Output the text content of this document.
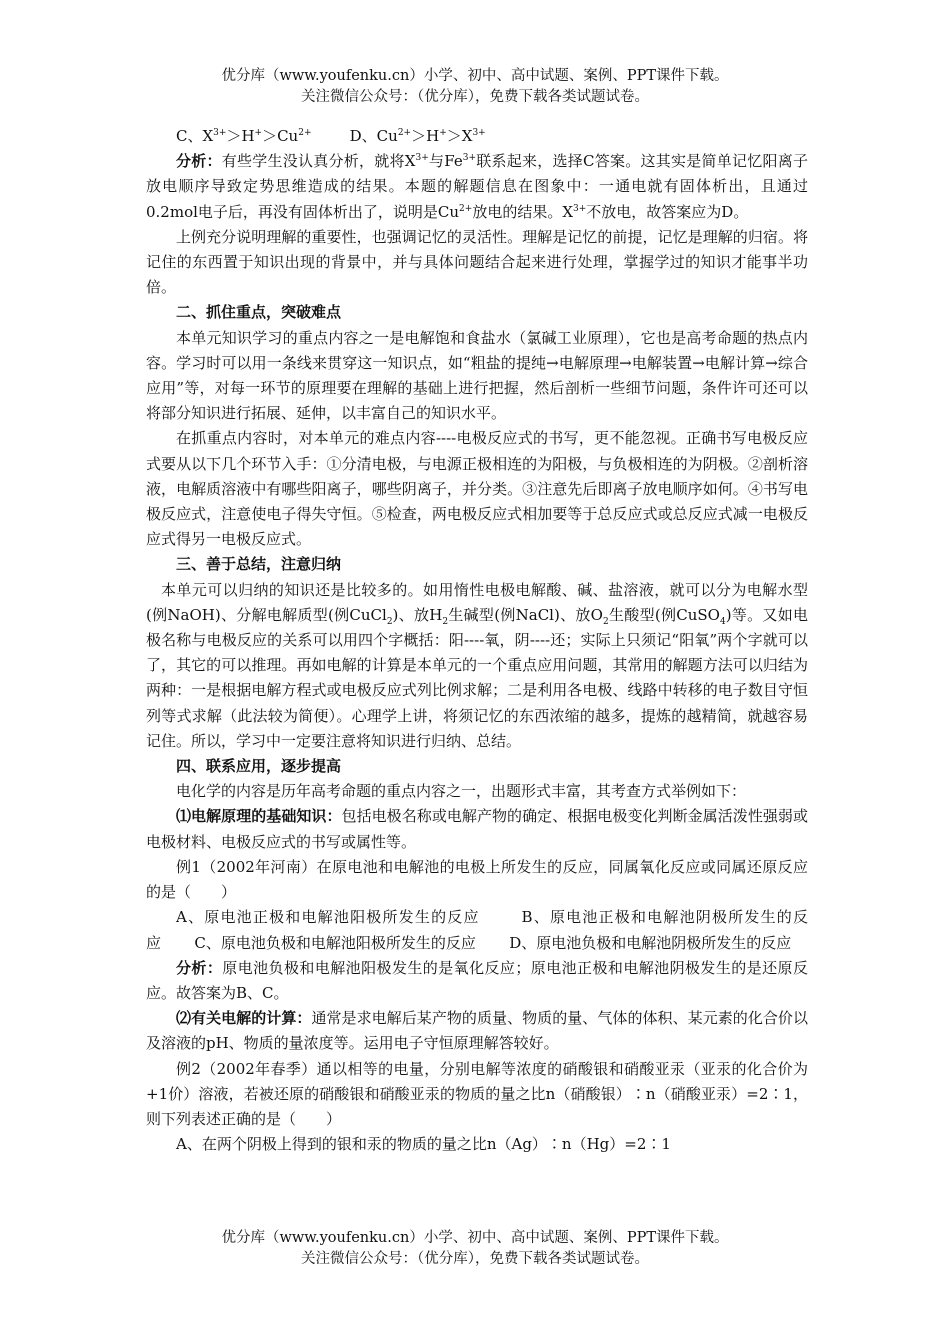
优分库（www.youfenku.cn）小学、初中、高中试题、案例、PPT课件下载。
关注微信公众号：（优分库），免费下载各类试题试卷。

C、$X^{3+}>H^+>Cu^{2+}$	D、$Cu^{2+}>H^+>X^{3+}$

分析：有些学生没认真分析，就将$X^{3+}$与$Fe^{3+}$联系起来，选择C答案。这其实是简单记忆阳离子放电顺序导致定势思维造成的结果。本题的解题信息在图象中：一通电就有固体析出，且通过0.2mol电子后，再没有固体析出了，说明是$Cu^{2+}$放电的结果。$X^{3+}$不放电，故答案应为D。

上例充分说明理解的重要性，也强调记忆的灵活性。理解是记忆的前提，记忆是理解的归宿。将记住的东西置于知识出现的背景中，并与具体问题结合起来进行处理，掌握学过的知识才能事半功倍。

二、抓住重点，突破难点

本单元知识学习的重点内容之一是电解饱和食盐水（氯碱工业原理），它也是高考命题的热点内容。学习时可以用一条线来贯穿这一知识点，如“粗盐的提纯→电解原理→电解装置→电解计算→综合应用”等，对每一环节的原理要在理解的基础上进行把握，然后剖析一些细节问题，条件许可还可以将部分知识进行拓展、延伸，以丰富自己的知识水平。

在抓重点内容时，对本单元的难点内容----电极反应式的书写，更不能忽视。正确书写电极反应式要从以下几个环节入手：①分清电极，与电源正极相连的为阳极，与负极相连的为阴极。②剖析溶液，电解质溶液中有哪些阳离子，哪些阴离子，并分类。③注意先后即离子放电顺序如何。④书写电极反应式，注意使电子得失守恒。⑤检查，两电极反应式相加要等于总反应式或总反应式减一电极反应式得另一电极反应式。

三、善于总结，注意归纳

本单元可以归纳的知识还是比较多的。如用惰性电极电解酸、碱、盐溶液，就可以分为电解水型(例NaOH)、分解电解质型(例CuCl$_2$)、放$H_2$生碱型(例NaCl)、放$O_2$生酸型(例CuSO$_4$)等。又如电极名称与电极反应的关系可以用四个字概括：阳----氧，阴----还；实际上只须记“阳氧”两个字就可以了，其它的可以推理。再如电解的计算是本单元的一个重点应用问题，其常用的解题方法可以归结为两种：一是根据电解方程式或电极反应式列比例求解；二是利用各电极、线路中转移的电子数目守恒列等式求解（此法较为简便）。心理学上讲，将须记忆的东西浓缩的越多，提炼的越精简，就越容易记住。所以，学习中一定要注意将知识进行归纳、总结。

四、联系应用，逐步提高

电化学的内容是历年高考命题的重点内容之一，出题形式丰富，其考查方式举例如下：

⑴电解原理的基础知识：包括电极名称或电解产物的确定、根据电极变化判断金属活泼性强弱或电极材料、电极反应式的书写或属性等。

例1（2002年河南）在原电池和电解池的电极上所发生的反应，同属氧化反应或同属还原反应的是（　　）

A、原电池正极和电解池阳极所发生的反应	B、原电池正极和电解池阴极所发生的反应 C、原电池负极和电解池阳极所发生的反应 D、原电池负极和电解池阴极所发生的反应

分析：原电池负极和电解池阳极发生的是氧化反应；原电池正极和电解池阴极发生的是还原反应。故答案为B、C。

⑵有关电解的计算：通常是求电解后某产物的质量、物质的量、气体的体积、某元素的化合价以及溶液的pH、物质的量浓度等。运用电子守恒原理解答较好。

例2（2002年春季）通以相等的电量，分别电解等浓度的硝酸银和硝酸亚汞（亚汞的化合价为+1价）溶液，若被还原的硝酸银和硝酸亚汞的物质的量之比n（硝酸银）∶n（硝酸亚汞）=2∶1，则下列表述正确的是（　　）

A、在两个阴极上得到的银和汞的物质的量之比n（Ag）∶n（Hg）=2∶1

优分库（www.youfenku.cn）小学、初中、高中试题、案例、PPT课件下载。
关注微信公众号：（优分库），免费下载各类试题试卷。
